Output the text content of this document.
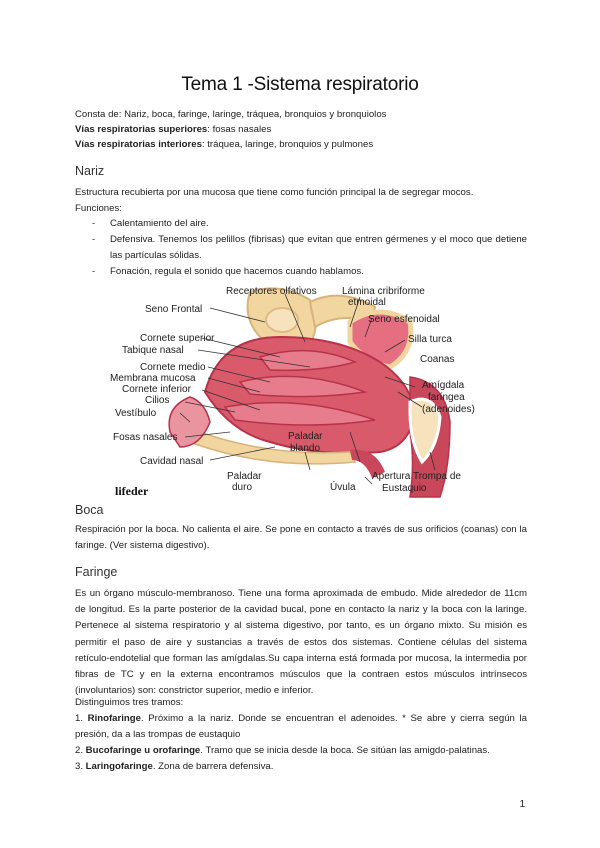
Tema 1 -Sistema respiratorio
Consta de: Nariz, boca, faringe, laringe, tráquea, bronquios y bronquiolos
Vías respiratorias superiores: fosas nasales
Vías respiratorias interiores: tráquea, laringe, bronquios y pulmones
Nariz
Estructura recubierta por una mucosa que tiene como función principal la de segregar mocos.
Funciones:
- Calentamiento del aire.
- Defensiva. Tenemos los pelillos (fibrisas) que evitan que entren gérmenes y el moco que detiene las partículas sólidas.
- Fonación, regula el sonido que hacemos cuando hablamos.
Seno Frontal
Receptores olfativos	Lámina cribriforme
etmoidal
Seno esfenoidal
Silla turca
Cornete superior
Tabique nasal
Coanas
Cornete medio
Membrana mucosa
Cornete inferior	Amígdala
faríngea
(adenoides)
Cilios
Vestíbulo
Fosas nasales
Cavidad nasal
Paladar
duro
Paladar
blando
Úvula
Apertura Trompa de
Eustaquio
lifeder
Boca
Respiración por la boca. No calienta el aire. Se pone en contacto a través de sus orificios (coanas) con la faringe. (Ver sistema digestivo).
Faringe
Es un órgano músculo-membranoso. Tiene una forma aproximada de embudo. Mide alrededor de 11cm de longitud. Es la parte posterior de la cavidad bucal, pone en contacto la nariz y la boca con la laringe. Pertenece al sistema respiratorio y al sistema digestivo, por tanto, es un órgano mixto. Su misión es permitir el paso de aire y sustancias a través de estos dos sistemas. Contiene células del sistema retículo-endotelial que forman las amígdalas.Su capa interna está formada por mucosa, la intermedia por fibras de TC y en la externa encontramos músculos que la contraen estos músculos intrínsecos (involuntarios) son: constrictor superior, medio e inferior.
Distinguimos tres tramos:
1. Rinofaringe. Próximo a la nariz. Donde se encuentran el adenoides. * Se abre y cierra según la presión, da a las trompas de eustaquio
2. Bucofaringe u orofaringe. Tramo que se inicia desde la boca. Se sitúan las amigdo-palatinas.
3. Laringofaringe. Zona de barrera defensiva.
1
